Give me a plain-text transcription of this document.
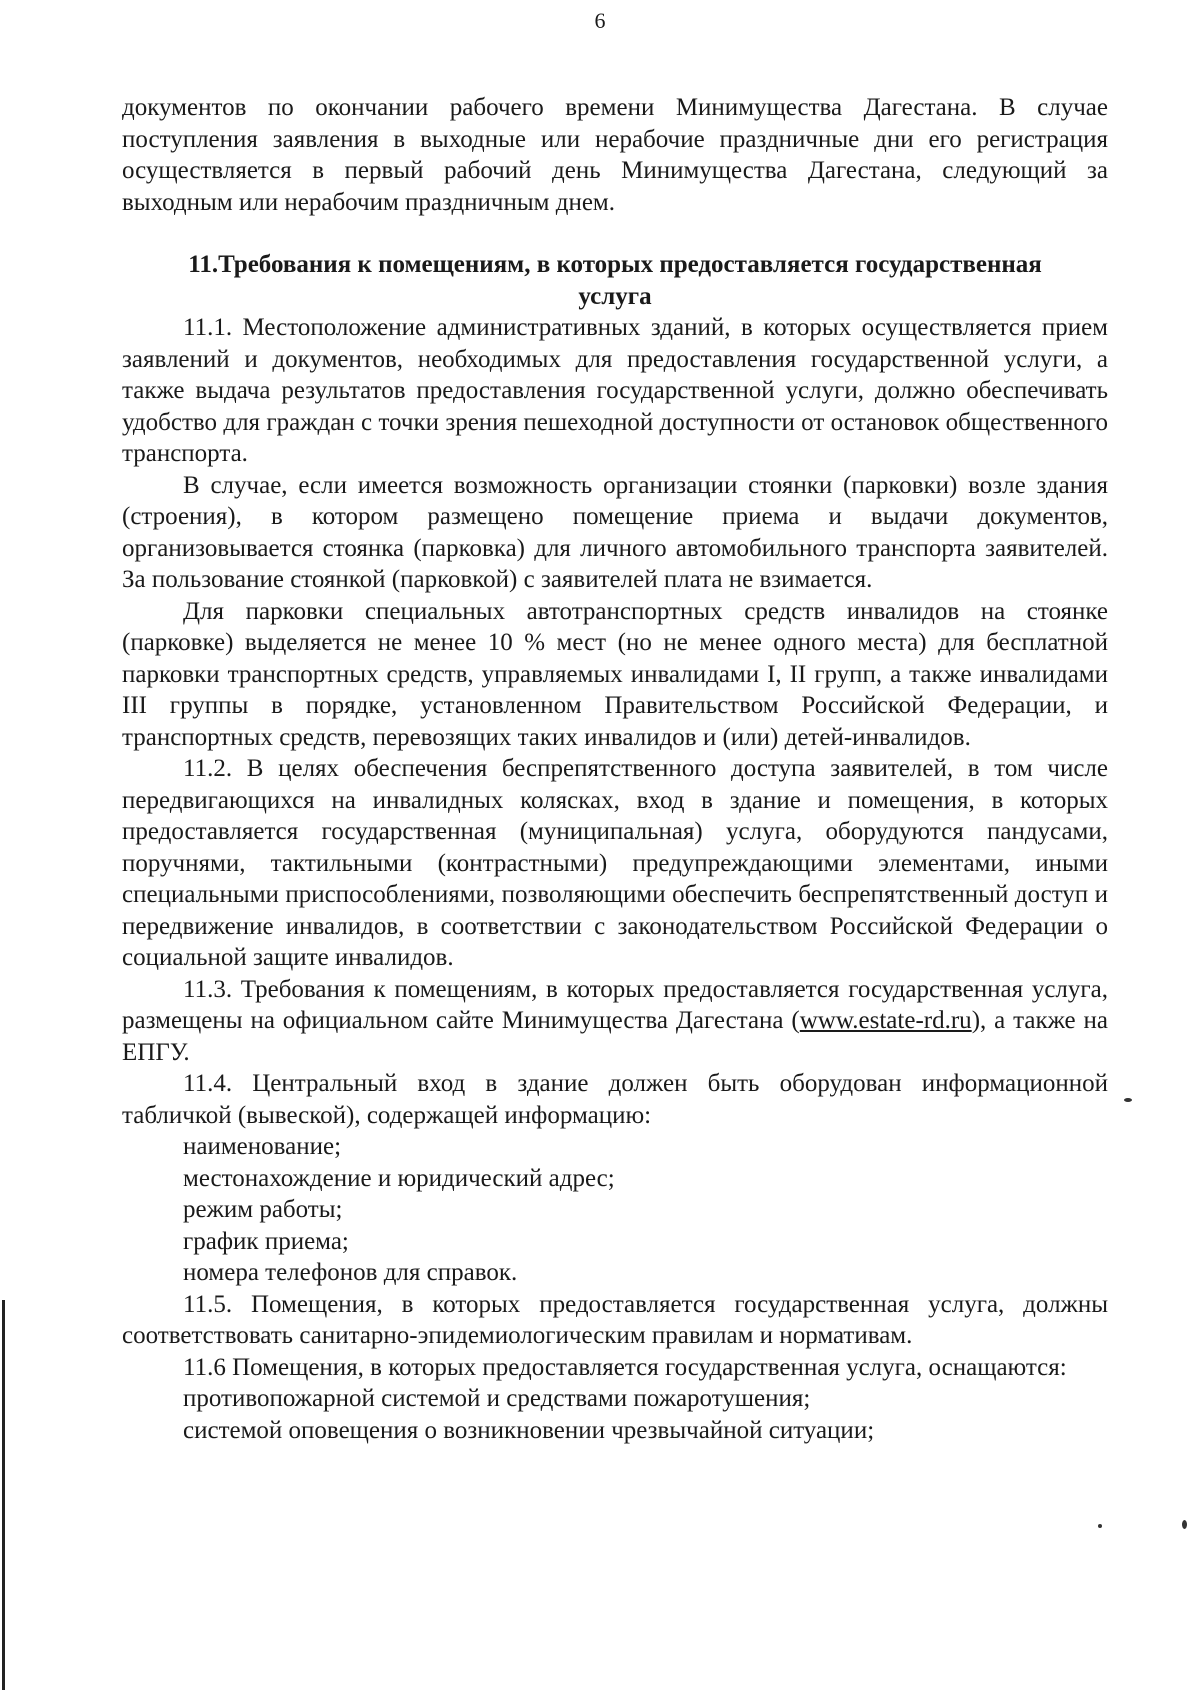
6

документов по окончании рабочего времени Минимущества Дагестана. В случае поступления заявления в выходные или нерабочие праздничные дни его регистрация осуществляется в первый рабочий день Минимущества Дагестана, следующий за выходным или нерабочим праздничным днем.

11.Требования к помещениям, в которых предоставляется государственная услуга

11.1. Местоположение административных зданий, в которых осуществляется прием заявлений и документов, необходимых для предоставления государственной услуги, а также выдача результатов предоставления государственной услуги, должно обеспечивать удобство для граждан с точки зрения пешеходной доступности от остановок общественного транспорта.

В случае, если имеется возможность организации стоянки (парковки) возле здания (строения), в котором размещено помещение приема и выдачи документов, организовывается стоянка (парковка) для личного автомобильного транспорта заявителей. За пользование стоянкой (парковкой) с заявителей плата не взимается.

Для парковки специальных автотранспортных средств инвалидов на стоянке (парковке) выделяется не менее 10 % мест (но не менее одного места) для бесплатной парковки транспортных средств, управляемых инвалидами I, II групп, а также инвалидами III группы в порядке, установленном Правительством Российской Федерации, и транспортных средств, перевозящих таких инвалидов и (или) детей-инвалидов.

11.2. В целях обеспечения беспрепятственного доступа заявителей, в том числе передвигающихся на инвалидных колясках, вход в здание и помещения, в которых предоставляется государственная (муниципальная) услуга, оборудуются пандусами, поручнями, тактильными (контрастными) предупреждающими элементами, иными специальными приспособлениями, позволяющими обеспечить беспрепятственный доступ и передвижение инвалидов, в соответствии с законодательством Российской Федерации о социальной защите инвалидов.

11.3. Требования к помещениям, в которых предоставляется государственная услуга, размещены на официальном сайте Минимущества Дагестана (www.estate-rd.ru), а также на ЕПГУ.

11.4. Центральный вход в здание должен быть оборудован информационной табличкой (вывеской), содержащей информацию:

наименование;

местонахождение и юридический адрес;

режим работы;

график приема;

номера телефонов для справок.

11.5. Помещения, в которых предоставляется государственная услуга, должны соответствовать санитарно-эпидемиологическим правилам и нормативам.

11.6 Помещения, в которых предоставляется государственная услуга, оснащаются:

противопожарной системой и средствами пожаротушения;

системой оповещения о возникновении чрезвычайной ситуации;
